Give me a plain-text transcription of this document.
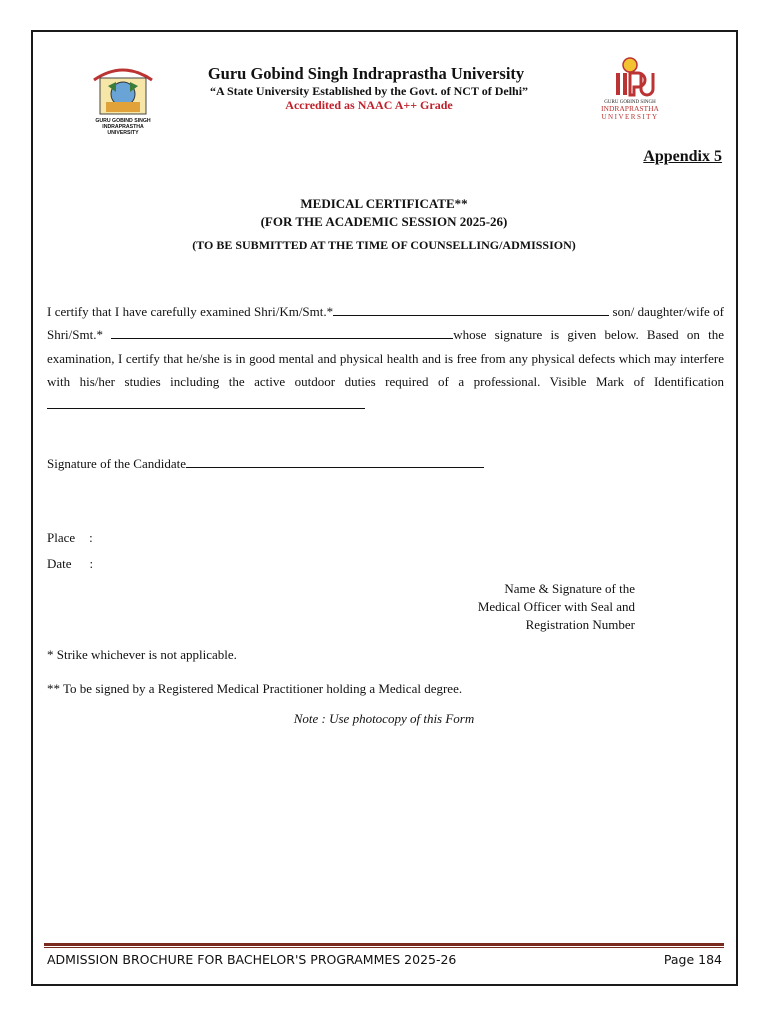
GURU GOBIND SINGH
INDRAPRASTHA
UNIVERSITY
GURU GOBIND SINGH
INDRAPRASTHA
UNIVERSITY
Guru Gobind Singh Indraprastha University
“A State University Established by the Govt. of NCT of Delhi”
Accredited as NAAC A++ Grade
Appendix 5
MEDICAL CERTIFICATE**
(FOR THE ACADEMIC SESSION 2025-26)
(TO BE SUBMITTED AT THE TIME OF COUNSELLING/ADMISSION)
I certify that I have carefully examined Shri/Km/Smt.*	son/ daughter/wife of Shri/Smt.*	whose signature is given below. Based on the examination, I certify that he/she is in good mental and physical health and is free from any physical defects which may interfere with his/her studies including the active outdoor duties required of a professional. Visible Mark of Identification
Signature of the Candidate
Place :
Date :
Name & Signature of the
Medical Officer with Seal and
Registration Number
* Strike whichever is not applicable.
** To be signed by a Registered Medical Practitioner holding a Medical degree.
Note : Use photocopy of this Form
ADMISSION BROCHURE FOR BACHELOR'S PROGRAMMES 2025-26	Page 184
